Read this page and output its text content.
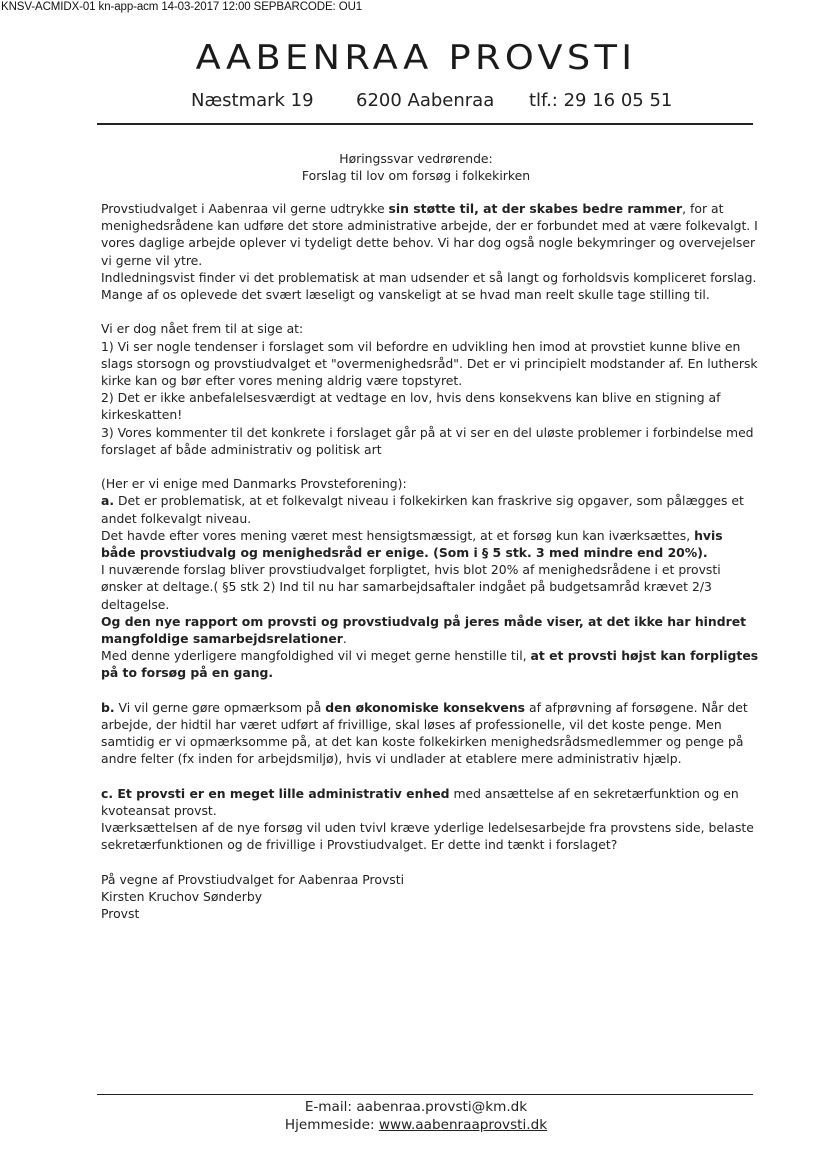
KNSV-ACMIDX-01 kn-app-acm 14-03-2017 12:00 SEPBARCODE: OU1
AABENRAA PROVSTI
Næstmark 19 6200 Aabenraa tlf.: 29 16 05 51
Høringssvar vedrørende:
Forslag til lov om forsøg i folkekirken

Provstiudvalget i Aabenraa vil gerne udtrykke sin støtte til, at der skabes bedre rammer, for at menighedsrådene kan udføre det store administrative arbejde, der er forbundet med at være folkevalgt. I vores daglige arbejde oplever vi tydeligt dette behov. Vi har dog også nogle bekymringer og overvejelser vi gerne vil ytre.

Indledningsvist finder vi det problematisk at man udsender et så langt og forholdsvis kompliceret forslag. Mange af os oplevede det svært læseligt og vanskeligt at se hvad man reelt skulle tage stilling til.

Vi er dog nået frem til at sige at:

1) Vi ser nogle tendenser i forslaget som vil befordre en udvikling hen imod at provstiet kunne blive en slags storsogn og provstiudvalget et "overmenighedsråd". Det er vi principielt modstander af. En luthersk kirke kan og bør efter vores mening aldrig være topstyret.

2) Det er ikke anbefalelsesværdigt at vedtage en lov, hvis dens konsekvens kan blive en stigning af kirkeskatten!

3) Vores kommenter til det konkrete i forslaget går på at vi ser en del uløste problemer i forbindelse med forslaget af både administrativ og politisk art

(Her er vi enige med Danmarks Provsteforening):

a. Det er problematisk, at et folkevalgt niveau i folkekirken kan fraskrive sig opgaver, som pålægges et andet folkevalgt niveau.

Det havde efter vores mening været mest hensigtsmæssigt, at et forsøg kun kan iværksættes, hvis både provstiudvalg og menighedsråd er enige. (Som i § 5 stk. 3 med mindre end 20%).

I nuværende forslag bliver provstiudvalget forpligtet, hvis blot 20% af menighedsrådene i et provsti ønsker at deltage.( §5 stk 2) Ind til nu har samarbejdsaftaler indgået på budgetsamråd krævet 2/3 deltagelse.

Og den nye rapport om provsti og provstiudvalg på jeres måde viser, at det ikke har hindret mangfoldige samarbejdsrelationer.

Med denne yderligere mangfoldighed vil vi meget gerne henstille til, at et provsti højst kan forpligtes på to forsøg på en gang.

b. Vi vil gerne gøre opmærksom på den økonomiske konsekvens af afprøvning af forsøgene. Når det arbejde, der hidtil har været udført af frivillige, skal løses af professionelle, vil det koste penge. Men samtidig er vi opmærksomme på, at det kan koste folkekirken menighedsrådsmedlemmer og penge på andre felter (fx inden for arbejdsmiljø), hvis vi undlader at etablere mere administrativ hjælp.

c. Et provsti er en meget lille administrativ enhed med ansættelse af en sekretærfunktion og en kvoteansat provst.

Iværksættelsen af de nye forsøg vil uden tvivl kræve yderlige ledelsesarbejde fra provstens side, belaste sekretærfunktionen og de frivillige i Provstiudvalget. Er dette ind tænkt i forslaget?

På vegne af Provstiudvalget for Aabenraa Provsti

Kirsten Kruchov Sønderby

Provst

E-mail: aabenraa.provsti@km.dk
Hjemmeside: www.aabenraaprovsti.dk
